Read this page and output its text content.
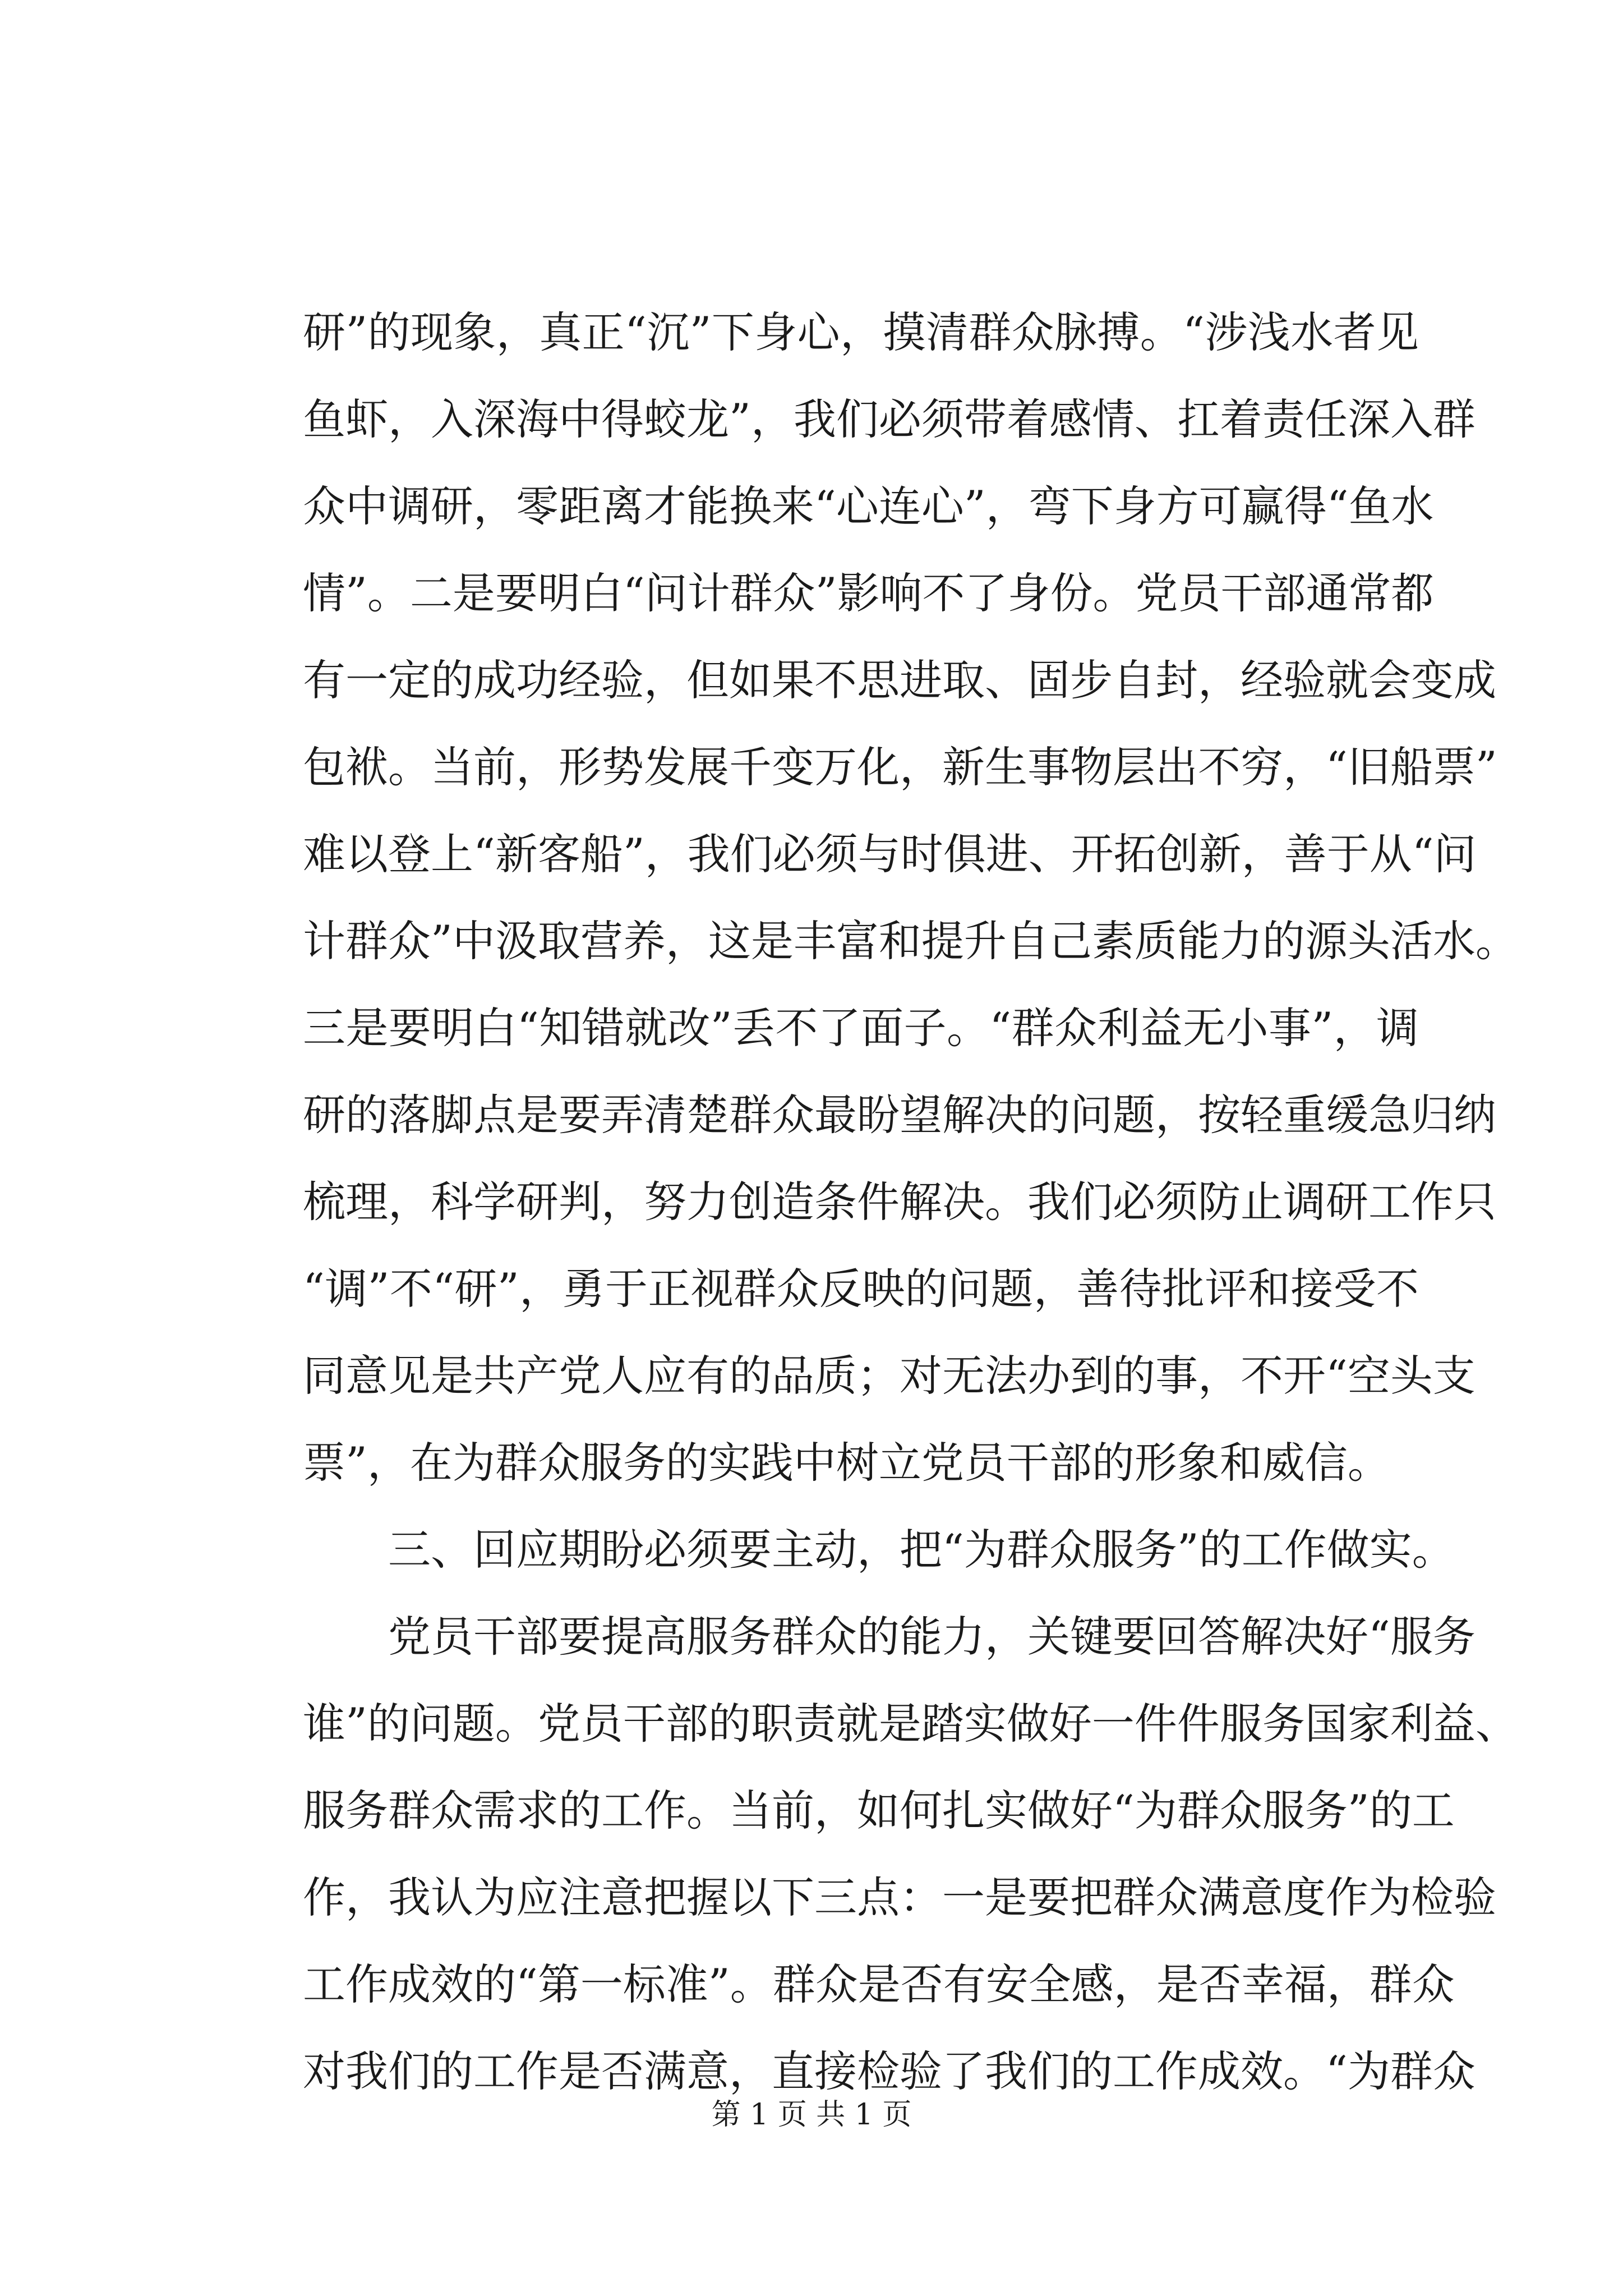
研”的现象，真正“沉”下身心，摸清群众脉搏。“涉浅水者见
鱼虾，入深海中得蛟龙”，我们必须带着感情、扛着责任深入群
众中调研，零距离才能换来“心连心”，弯下身方可赢得“鱼水
情”。二是要明白“问计群众”影响不了身份。党员干部通常都
有一定的成功经验，但如果不思进取、固步自封，经验就会变成
包袱。当前，形势发展千变万化，新生事物层出不穷，“旧船票”
难以登上“新客船”，我们必须与时俱进、开拓创新，善于从“问
计群众”中汲取营养，这是丰富和提升自己素质能力的源头活水。
三是要明白“知错就改”丢不了面子。“群众利益无小事”，调
研的落脚点是要弄清楚群众最盼望解决的问题，按轻重缓急归纳
梳理，科学研判，努力创造条件解决。我们必须防止调研工作只
“调”不“研”，勇于正视群众反映的问题，善待批评和接受不
同意见是共产党人应有的品质；对无法办到的事，不开“空头支
票”，在为群众服务的实践中树立党员干部的形象和威信。
三、回应期盼必须要主动，把“为群众服务”的工作做实。
党员干部要提高服务群众的能力，关键要回答解决好“服务
谁”的问题。党员干部的职责就是踏实做好一件件服务国家利益、
服务群众需求的工作。当前，如何扎实做好“为群众服务”的工
作，我认为应注意把握以下三点：一是要把群众满意度作为检验
工作成效的“第一标准”。群众是否有安全感，是否幸福，群众
对我们的工作是否满意，直接检验了我们的工作成效。“为群众
第 1 页 共 1 页
